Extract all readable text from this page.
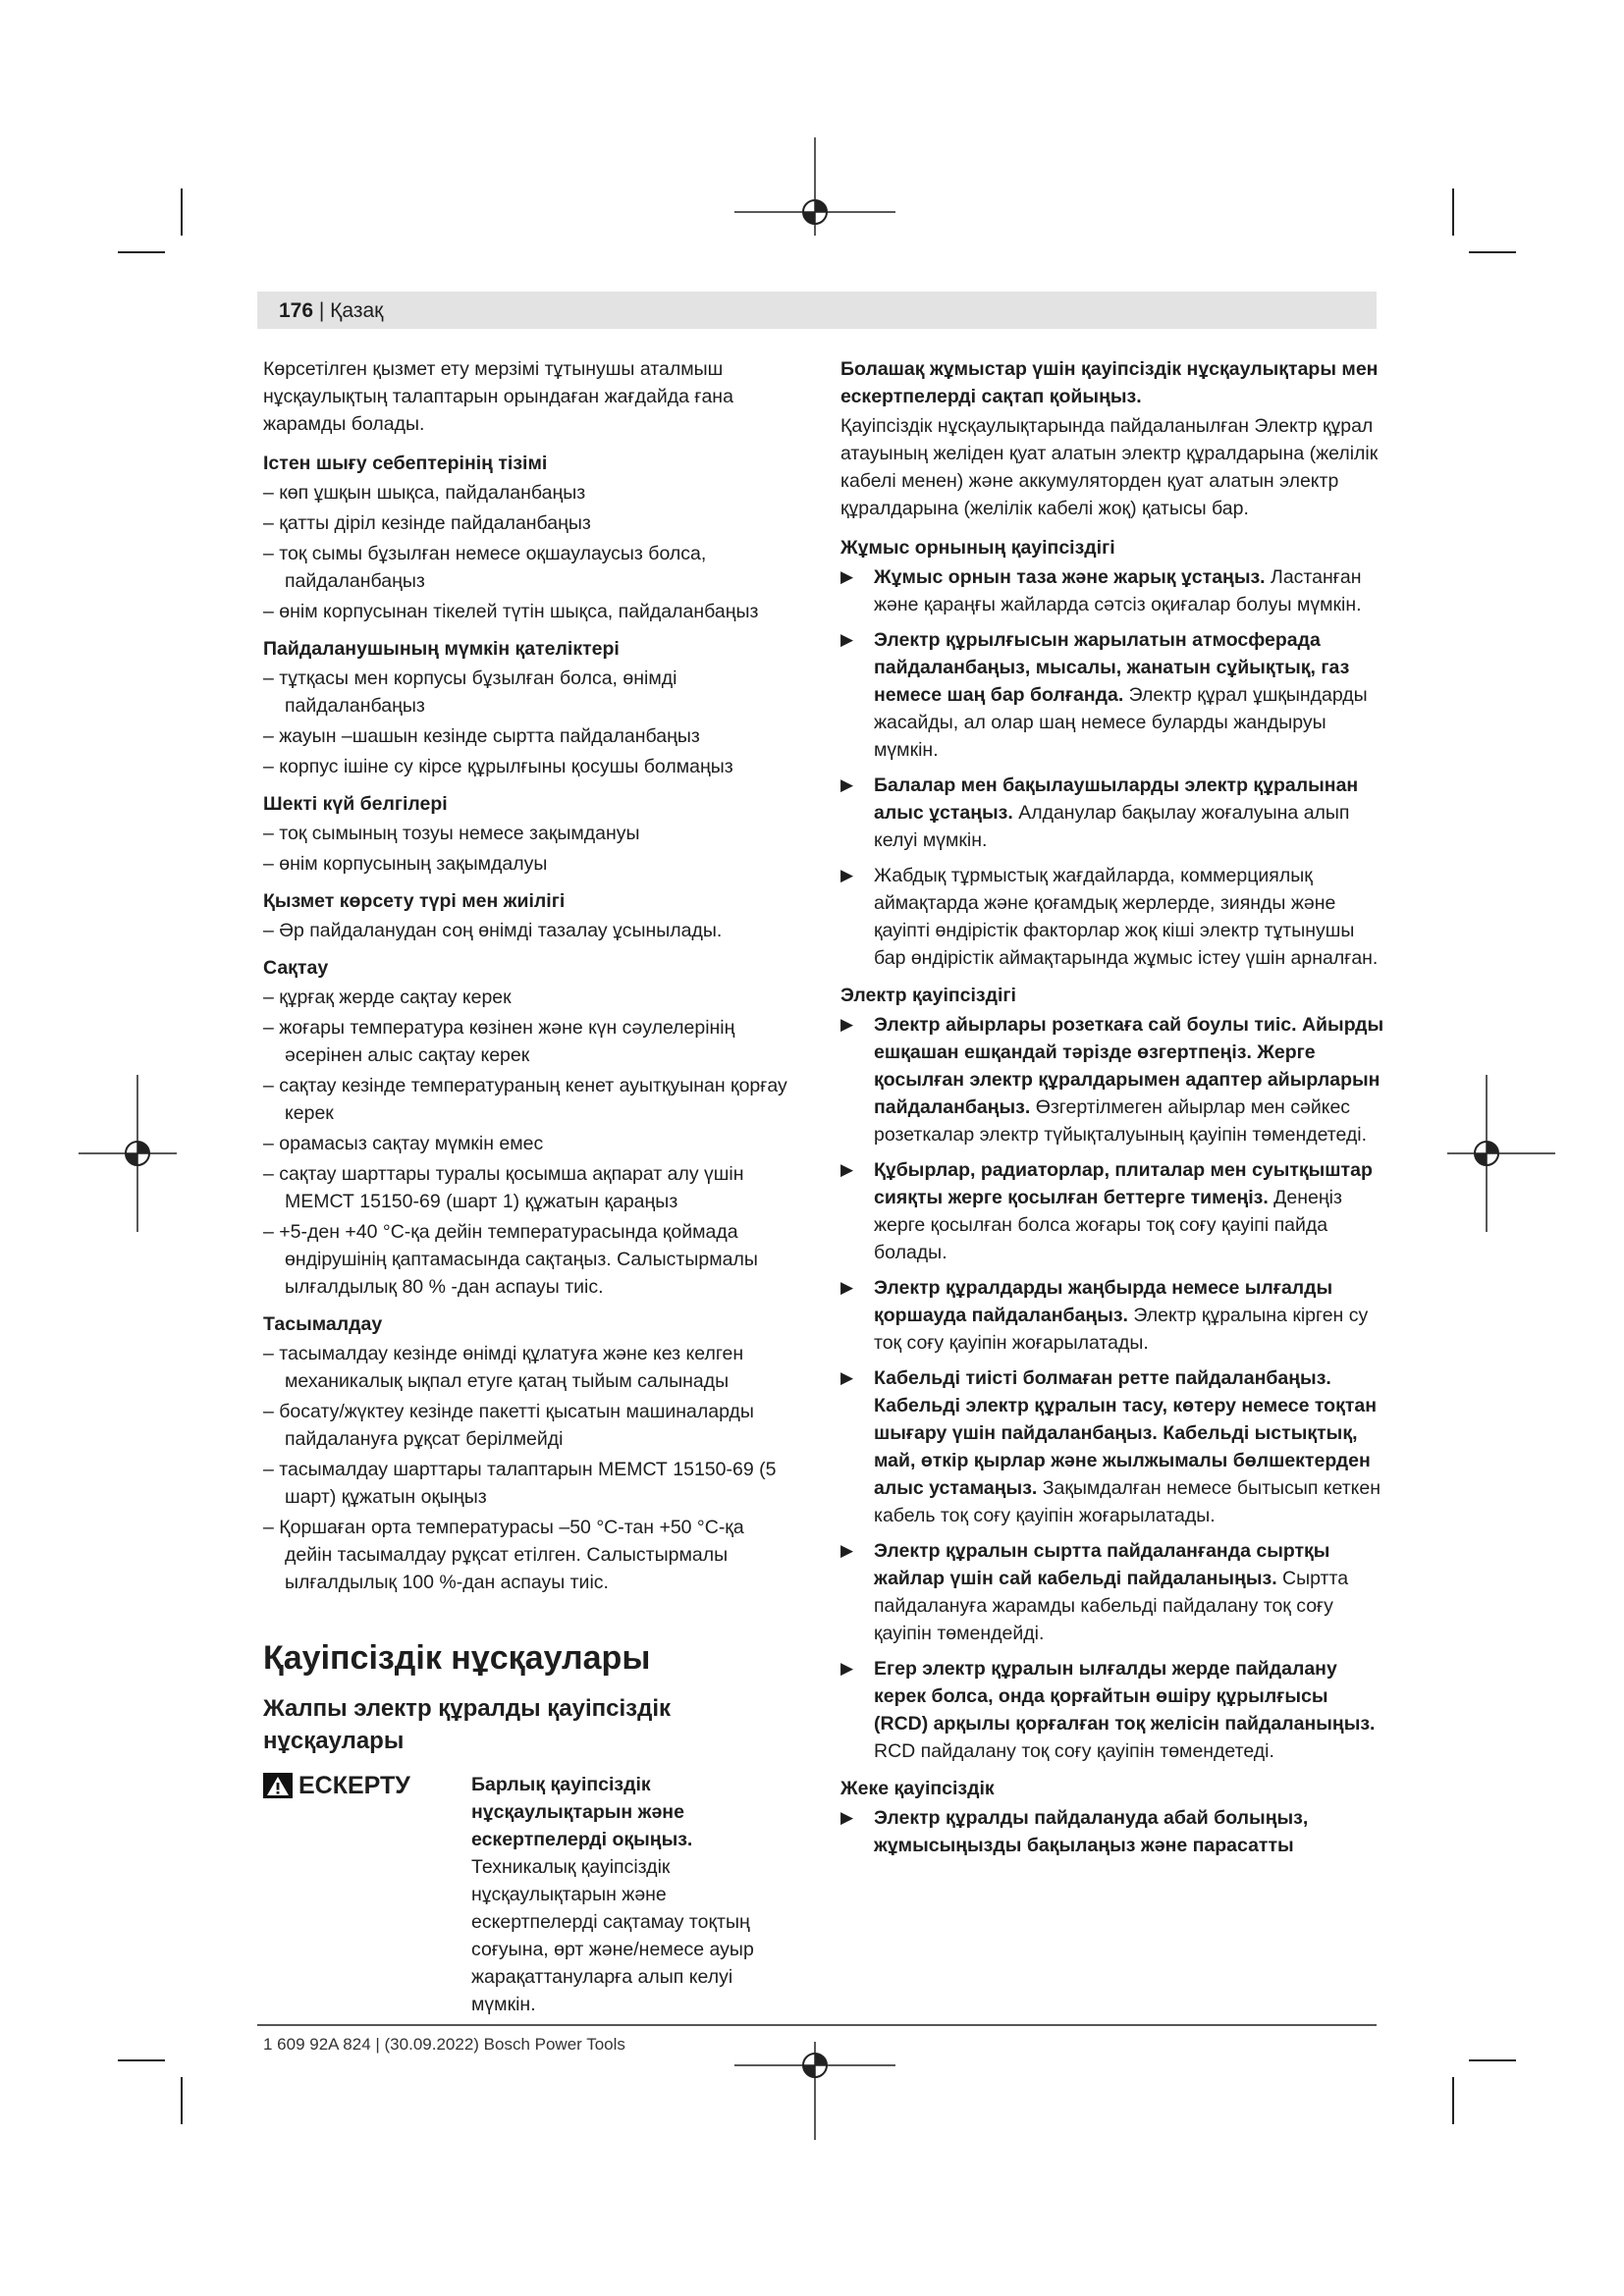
176 | Қазақ

Көрсетілген қызмет ету мерзімі тұтынушы аталмыш нұсқаулықтың талаптарын орындаған жағдайда ғана жарамды болады.

Істен шығу себептерінің тізімі
– көп ұшқын шықса, пайдаланбаңыз
– қатты діріл кезінде пайдаланбаңыз
– тоқ сымы бұзылған немесе оқшаулаусыз болса, пайдаланбаңыз
– өнім корпусынан тікелей түтін шықса, пайдаланбаңыз
Пайдаланушының мүмкін қателіктері
– тұтқасы мен корпусы бұзылған болса, өнімді пайдаланбаңыз
– жауын –шашын кезінде сыртта пайдаланбаңыз
– корпус ішіне су кірсе құрылғыны қосушы болмаңыз
Шекті күй белгілері
– тоқ сымының тозуы немесе зақымдануы
– өнім корпусының зақымдалуы
Қызмет көрсету түрі мен жиілігі
– Әр пайдаланудан соң өнімді тазалау ұсынылады.
Сақтау
– құрғақ жерде сақтау керек
– жоғары температура көзінен және күн сәулелерінің әсерінен алыс сақтау керек
– сақтау кезінде температураның кенет ауытқуынан қорғау керек
– орамасыз сақтау мүмкін емес
– сақтау шарттары туралы қосымша ақпарат алу үшін МЕМСТ 15150-69 (шарт 1) құжатын қараңыз
– +5-ден +40 °C-қа дейін температурасында қоймада өндірушінің қаптамасында сақтаңыз. Салыстырмалы ылғалдылық 80 % -дан аспауы тиіс.
Тасымалдау
– тасымалдау кезінде өнімді құлатуға және кез келген механикалық ықпал етуге қатаң тыйым салынады
– босату/жүктеу кезінде пакетті қысатын машиналарды пайдалануға рұқсат берілмейді
– тасымалдау шарттары талаптарын МЕМСТ 15150-69 (5 шарт) құжатын оқыңыз
– Қоршаған орта температурасы –50 °C-тан +50 °C-қа дейін тасымалдау рұқсат етілген. Салыстырмалы ылғалдылық 100 %-дан аспауы тиіс.
Қауіпсіздік нұсқаулары
Жалпы электр құралды қауіпсіздік нұсқаулары
ЕСКЕРТУ	Барлық қауіпсіздік нұсқаулықтарын және ескертпелерді оқыңыз. Техникалық қауіпсіздік нұсқаулықтарын және ескертпелерді сақтамау тоқтың соғуына, өрт және/немесе ауыр жарақаттануларға алып келуі мүмкін.
Болашақ жұмыстар үшін қауіпсіздік нұсқаулықтары мен ескертпелерді сақтап қойыңыз.

Қауіпсіздік нұсқаулықтарында пайдаланылған Электр құрал атауының желіден қуат алатын электр құралдарына (желілік кабелі менен) және аккумуляторден қуат алатын электр құралдарына (желілік кабелі жоқ) қатысы бар.

Жұмыс орнының қауіпсіздігі
▶ Жұмыс орнын таза және жарық ұстаңыз. Ластанған және қараңғы жайларда сәтсіз оқиғалар болуы мүмкін.
▶ Электр құрылғысын жарылатын атмосферада пайдаланбаңыз, мысалы, жанатын сұйықтық, газ немесе шаң бар болғанда. Электр құрал ұшқындарды жасайды, ал олар шаң немесе буларды жандыруы мүмкін.
▶ Балалар мен бақылаушыларды электр құралынан алыс ұстаңыз. Алданулар бақылау жоғалуына алып келуі мүмкін.
▶ Жабдық тұрмыстық жағдайларда, коммерциялық аймақтарда және қоғамдық жерлерде, зиянды және қауіпті өндірістік факторлар жоқ кіші электр тұтынушы бар өндірістік аймақтарында жұмыс істеу үшін арналған.
Электр қауіпсіздігі
▶ Электр айырлары розеткаға сай боулы тиіс. Айырды ешқашан ешқандай тәрізде өзгертпеңіз. Жерге қосылған электр құралдарымен адаптер айырларын пайдаланбаңыз. Өзгертілмеген айырлар мен сәйкес розеткалар электр түйықталуының қауіпін төмендетеді.
▶ Құбырлар, радиаторлар, плиталар мен суытқыштар сияқты жерге қосылған беттерге тимеңіз. Денеңіз жерге қосылған болса жоғары тоқ соғу қауіпі пайда болады.
▶ Электр құралдарды жаңбырда немесе ылғалды қоршауда пайдаланбаңыз. Электр құралына кірген су тоқ соғу қауіпін жоғарылатады.
▶ Кабельді тиісті болмаған ретте пайдаланбаңыз. Кабельді электр құралын тасу, көтеру немесе тоқтан шығару үшін пайдаланбаңыз. Кабельді ыстықтық, май, өткір қырлар және жылжымалы бөлшектерден алыс устамаңыз. Зақымдалған немесе бытысып кеткен кабель тоқ соғу қауіпін жоғарылатады.
▶ Электр құралын сыртта пайдаланғанда сыртқы жайлар үшін сай кабельді пайдаланыңыз. Сыртта пайдалануға жарамды кабельді пайдалану тоқ соғу қауіпін төмендейді.
▶ Егер электр құралын ылғалды жерде пайдалану керек болса, онда қорғайтын өшіру құрылғысы (RCD) арқылы қорғалған тоқ желісін пайдаланыңыз. RCD пайдалану тоқ соғу қауіпін төмендетеді.
Жеке қауіпсіздік
▶ Электр құралды пайдалануда абай болыңыз, жұмысыңызды бақылаңыз және парасатты
1 609 92A 824 | (30.09.2022) Bosch Power Tools
